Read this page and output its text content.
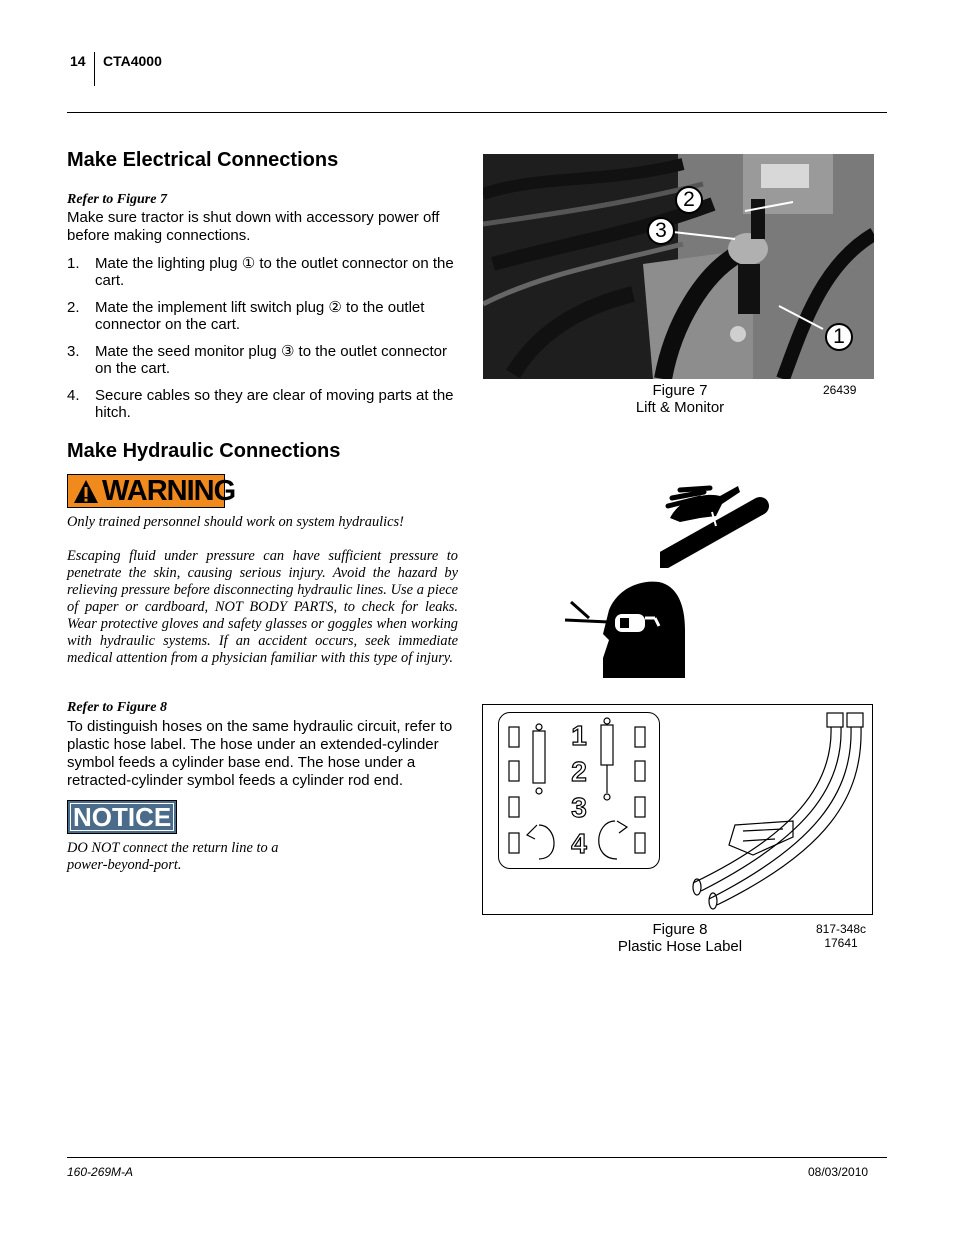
14 CTA4000
Make Electrical Connections
Refer to Figure 7
Make sure tractor is shut down with accessory power off before making connections.
1. Mate the lighting plug ① to the outlet connector on the cart.
2. Mate the implement lift switch plug ② to the outlet connector on the cart.
3. Mate the seed monitor plug ③ to the outlet connector on the cart.
4. Secure cables so they are clear of moving parts at the hitch.
Make Hydraulic Connections
WARNING

Only trained personnel should work on system hydraulics!

Escaping fluid under pressure can have sufficient pressure to penetrate the skin, causing serious injury. Avoid the hazard by relieving pressure before disconnecting hydraulic lines. Use a piece of paper or cardboard, NOT BODY PARTS, to check for leaks. Wear protective gloves and safety glasses or goggles when working with hydraulic systems. If an accident occurs, seek immediate medical attention from a physician familiar with this type of injury.

Refer to Figure 8
To distinguish hoses on the same hydraulic circuit, refer to plastic hose label. The hose under an extended-cylinder symbol feeds a cylinder base end. The hose under a retracted-cylinder symbol feeds a cylinder rod end.
NOTICE
DO NOT connect the return line to a power-beyond-port.
2
3
1
Figure 7
Lift & Monitor
26439
1
2
3
4
Figure 8
Plastic Hose Label
817-348c
17641
160-269M-A	08/03/2010
